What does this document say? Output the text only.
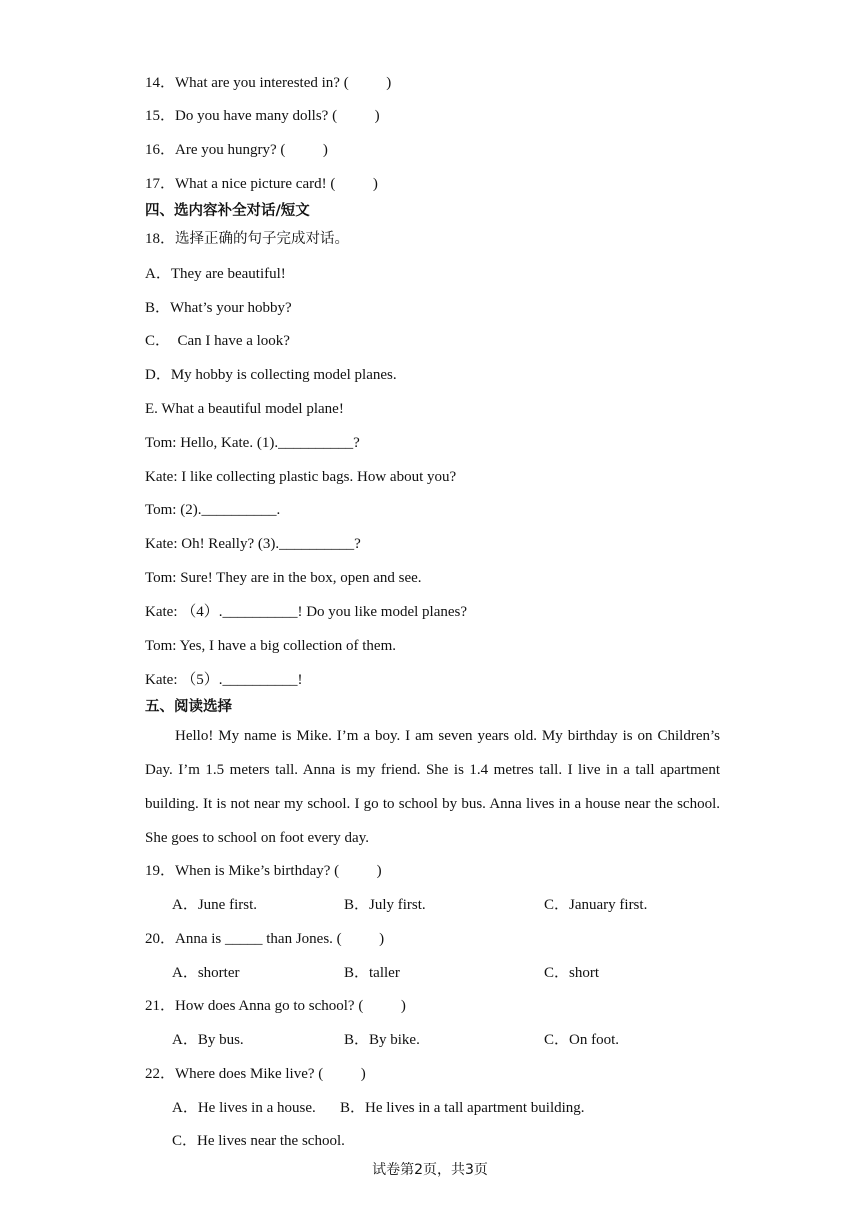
14．What are you interested in? (          )
15．Do you have many dolls? (          )
16．Are you hungry? (          )
17．What a nice picture card! (          )
四、选内容补全对话/短文
18．选择正确的句子完成对话。
A．They are beautiful!
B．What’s your hobby?
C．  Can I have a look?
D．My hobby is collecting model planes.
E. What a beautiful model plane!
Tom: Hello, Kate. (1).__________?
Kate: I like collecting plastic bags. How about you?
Tom: (2).__________.
Kate: Oh! Really? (3).__________?
Tom: Sure! They are in the box, open and see.
Kate: （4）.__________! Do you like model planes?
Tom: Yes, I have a big collection of them.
Kate: （5）.__________!
五、阅读选择
Hello! My name is Mike. I’m a boy. I am seven years old. My birthday is on Children’s
Day. I’m 1.5 meters tall. Anna is my friend. She is 1.4 metres tall. I live in a tall apartment
building. It is not near my school. I go to school by bus. Anna lives in a house near the school.
She goes to school on foot every day.
19．When is Mike’s birthday? (          )
A．June first.	B．July first.	C．January first.
20．Anna is _____ than Jones. (          )
A．shorter	B．taller	C．short
21．How does Anna go to school? (          )
A．By bus.	B．By bike.	C．On foot.
22．Where does Mike live? (          )
A．He lives in a house. B．He lives in a tall apartment building.
C．He lives near the school.
试卷第2页，共3页
